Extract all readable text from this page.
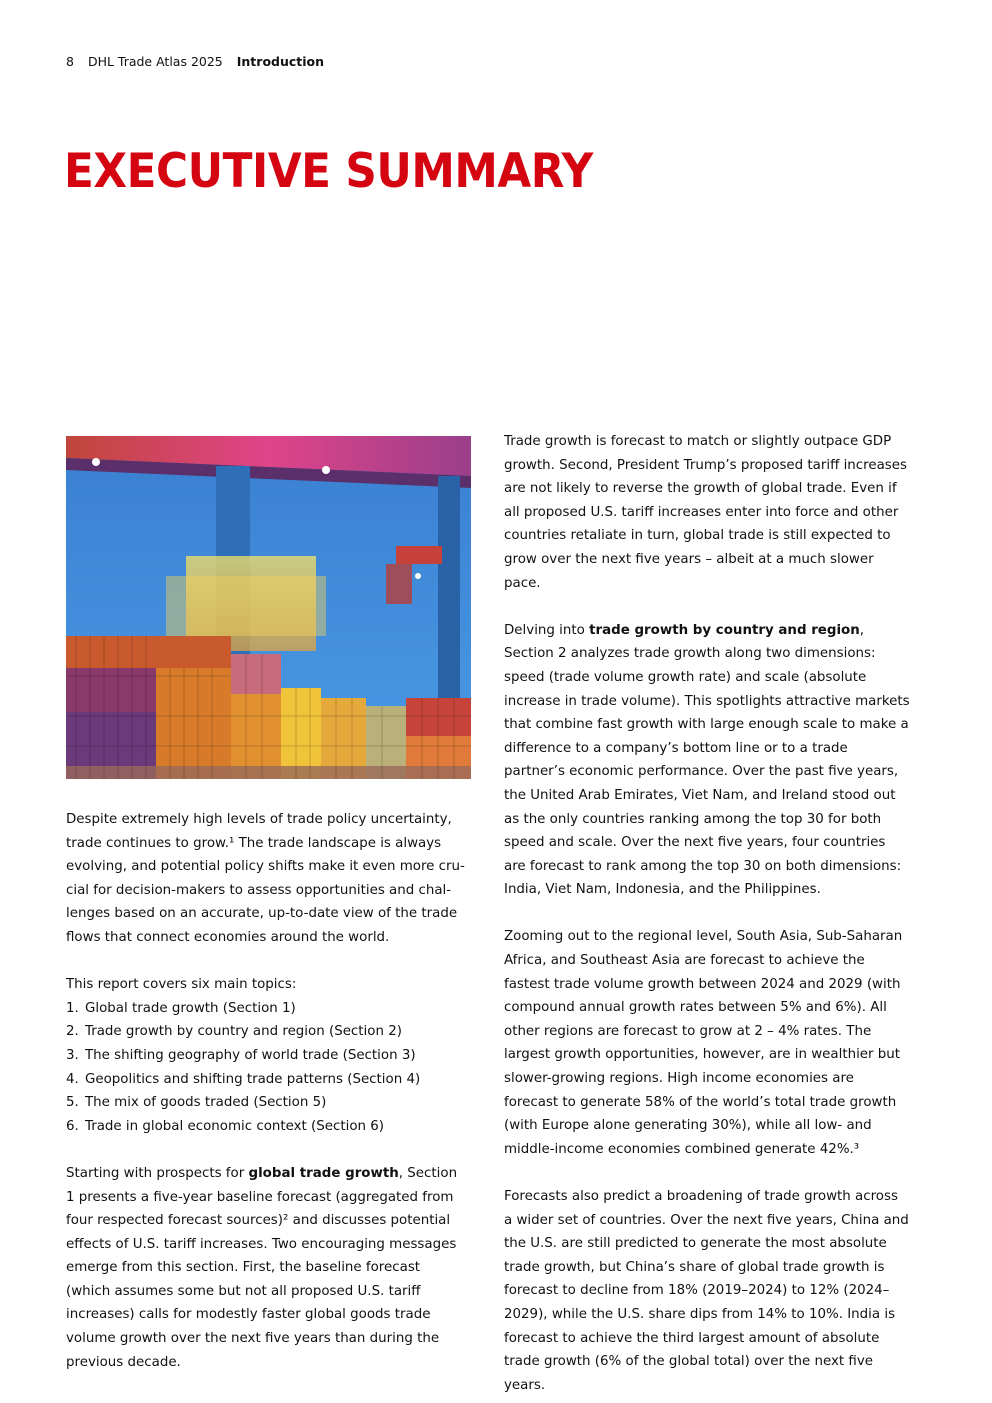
8 DHL Trade Atlas 2025 Introduction
EXECUTIVE SUMMARY

Despite extremely high levels of trade policy uncertainty, trade continues to grow.¹ The trade landscape is always evolving, and potential policy shifts make it even more crucial for decision-makers to assess opportunities and challenges based on an accurate, up-to-date view of the trade flows that connect economies around the world.

This report covers six main topics:
1. Global trade growth (Section 1)
2. Trade growth by country and region (Section 2)
3. The shifting geography of world trade (Section 3)
4. Geopolitics and shifting trade patterns (Section 4)
5. The mix of goods traded (Section 5)
6. Trade in global economic context (Section 6)

Starting with prospects for global trade growth, Section 1 presents a five-year baseline forecast (aggregated from four respected forecast sources)² and discusses potential effects of U.S. tariff increases. Two encouraging messages emerge from this section. First, the baseline forecast (which assumes some but not all proposed U.S. tariff increases) calls for modestly faster global goods trade volume growth over the next five years than during the previous decade.

Trade growth is forecast to match or slightly outpace GDP growth. Second, President Trump’s proposed tariff increases are not likely to reverse the growth of global trade. Even if all proposed U.S. tariff increases enter into force and other countries retaliate in turn, global trade is still expected to grow over the next five years – albeit at a much slower pace.

Delving into trade growth by country and region, Section 2 analyzes trade growth along two dimensions: speed (trade volume growth rate) and scale (absolute increase in trade volume). This spotlights attractive markets that combine fast growth with large enough scale to make a difference to a company’s bottom line or to a trade partner’s economic performance. Over the past five years, the United Arab Emirates, Viet Nam, and Ireland stood out as the only countries ranking among the top 30 for both speed and scale. Over the next five years, four countries are forecast to rank among the top 30 on both dimensions: India, Viet Nam, Indonesia, and the Philippines.

Zooming out to the regional level, South Asia, Sub-Saharan Africa, and Southeast Asia are forecast to achieve the fastest trade volume growth between 2024 and 2029 (with compound annual growth rates between 5% and 6%). All other regions are forecast to grow at 2 – 4% rates. The largest growth opportunities, however, are in wealthier but slower-growing regions. High income economies are forecast to generate 58% of the world’s total trade growth (with Europe alone generating 30%), while all low- and middle-income economies combined generate 42%.³

Forecasts also predict a broadening of trade growth across a wider set of countries. Over the next five years, China and the U.S. are still predicted to generate the most absolute trade growth, but China’s share of global trade growth is forecast to decline from 18% (2019–2024) to 12% (2024–2029), while the U.S. share dips from 14% to 10%. India is forecast to achieve the third largest amount of absolute trade growth (6% of the global total) over the next five years.
